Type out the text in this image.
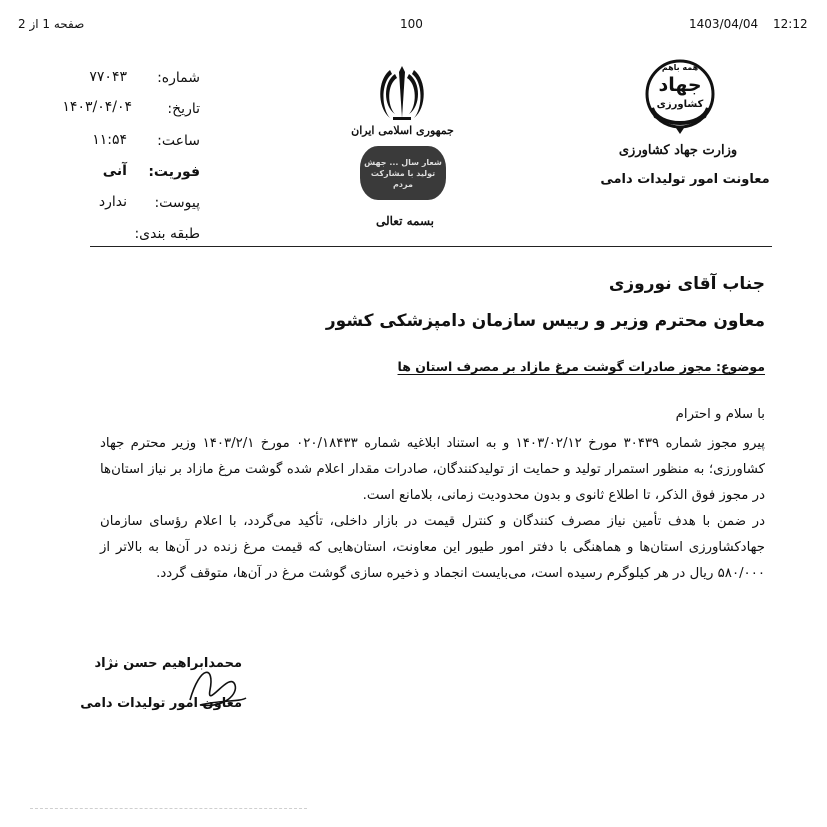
صفحه 1 از 2	100	1403/04/04 12:12
شماره:
۷۷۰۴۳
تاریخ:
۱۴۰۳/۰۴/۰۴
ساعت:
۱۱:۵۴
فوریت:
آنی
پیوست:
ندارد
طبقه بندی:
جمهوری اسلامی ایران
شعار سال ... جهش تولید با مشارکت مردم
بسمه تعالی
همه باهم
جهاد
کشاورزی
وزارت جهاد کشاورزی
معاونت امور تولیدات دامی
جناب آقای نوروزی
معاون محترم وزیر و رییس سازمان دامپزشکی کشور
موضوع: مجوز صادرات گوشت مرغ مازاد بر مصرف استان ها

با سلام و احترام

پیرو مجوز شماره ۳۰۴۳۹ مورخ ۱۴۰۳/۰۲/۱۲ و به استناد ابلاغیه شماره ۰۲۰/۱۸۴۳۳ مورخ ۱۴۰۳/۲/۱ وزیر محترم جهاد کشاورزی؛ به منظور استمرار تولید و حمایت از تولیدکنندگان، صادرات مقدار اعلام شده گوشت مرغ مازاد بر نیاز استان‌ها در مجوز فوق الذکر، تا اطلاع ثانوی و بدون محدودیت زمانی، بلامانع است.

در ضمن با هدف تأمین نیاز مصرف کنندگان و کنترل قیمت در بازار داخلی، تأکید می‌گردد، با اعلام رؤسای سازمان جهادکشاورزی استان‌ها و هماهنگی با دفتر امور طیور این معاونت، استان‌هایی که قیمت مرغ زنده در آن‌ها به بالاتر از ۵۸۰/۰۰۰ ریال در هر کیلوگرم رسیده است، می‌بایست انجماد و ذخیره سازی گوشت مرغ در آن‌ها، متوقف گردد.

محمدابراهیم حسن نژاد
معاون امور تولیدات دامی
